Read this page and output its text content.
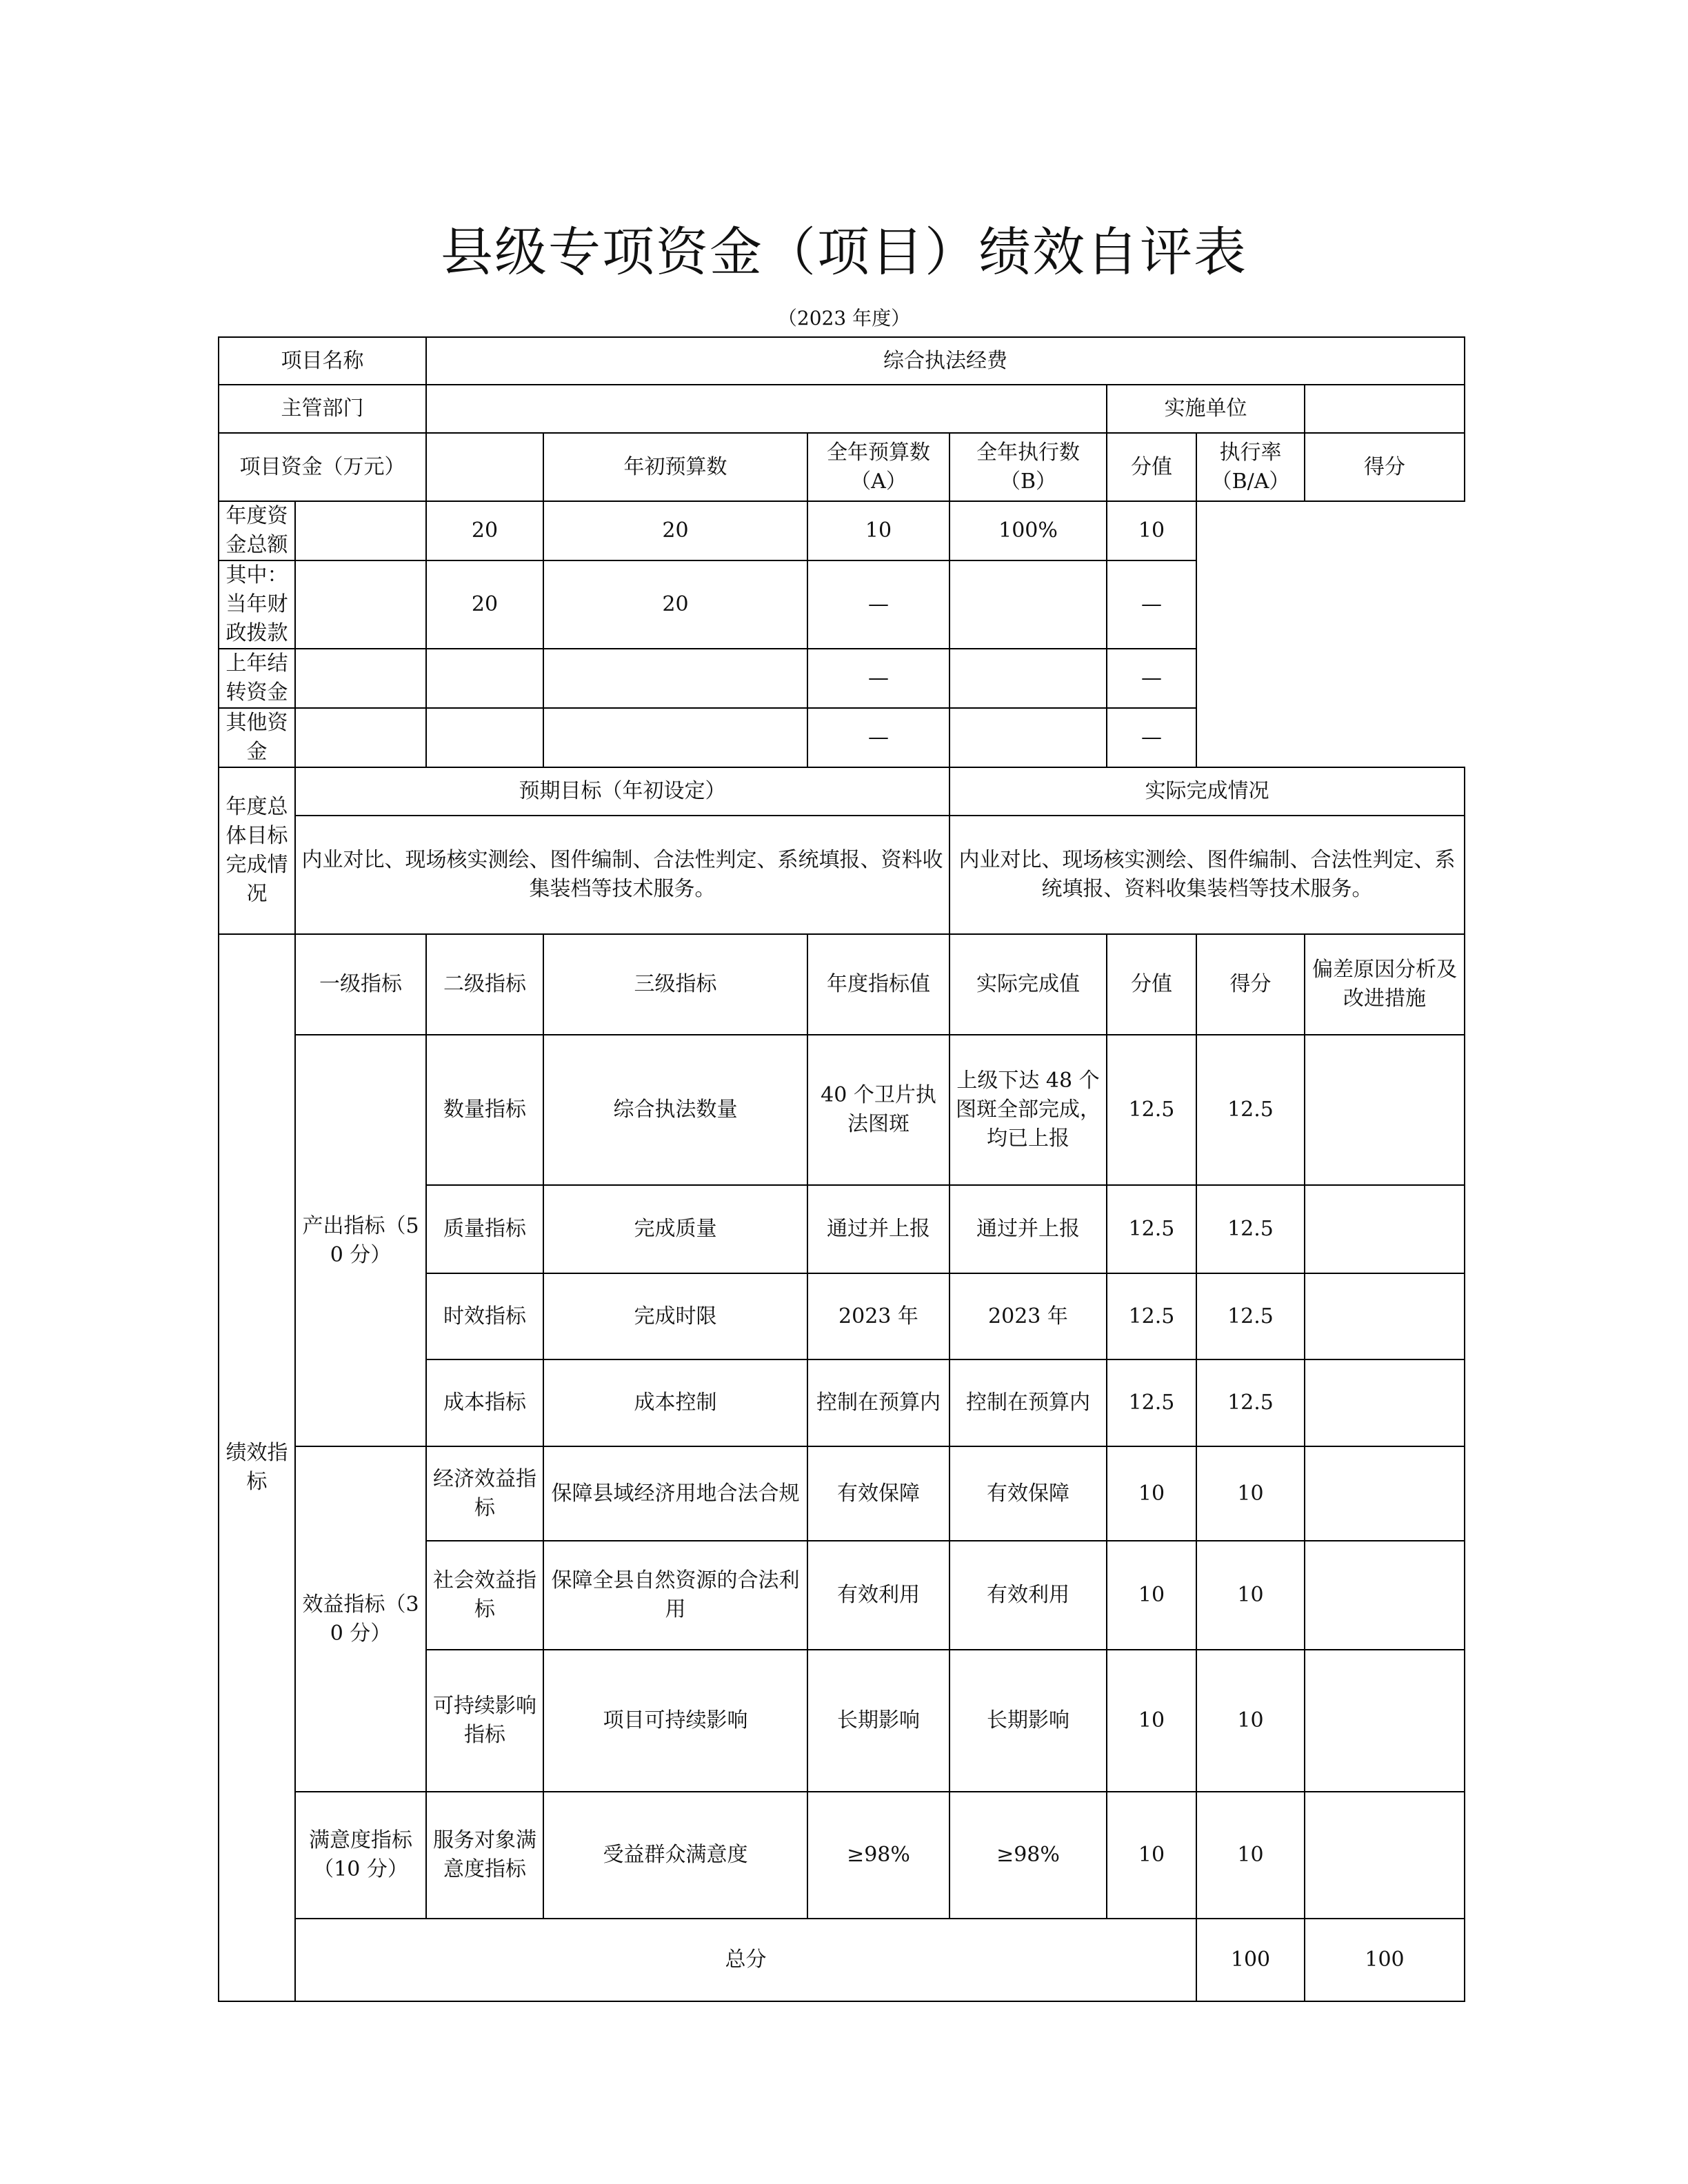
县级专项资金（项目）绩效自评表
（2023 年度）
项目名称		综合执法经费							
主管部门						实施单位			
项目资金（万元）			年初预算数	全年预算数（A）	全年执行数（B）	分值	执行率（B/A）	得分	
年度资金总额		20	20	10	100%	10			
其中：当年财政拨款		20	20	—		—			
上年结转资金				—		—			
其他资金				—		—			
年度总体目标完成情况	预期目标（年初设定）				实际完成情况				
	内业对比、现场核实测绘、图件编制、合法性判定、系统填报、资料收集装档等技术服务。				内业对比、现场核实测绘、图件编制、合法性判定、系统填报、资料收集装档等技术服务。				
绩效指标	一级指标	二级指标	三级指标	年度指标值	实际完成值	分值	得分	偏差原因分析及改进措施	
	产出指标（50 分）	数量指标	综合执法数量	40 个卫片执法图斑	上级下达 48 个图斑全部完成，均已上报	12.5	12.5		
		质量指标	完成质量	通过并上报	通过并上报	12.5	12.5		
		时效指标	完成时限	2023 年	2023 年	12.5	12.5		
		成本指标	成本控制	控制在预算内	控制在预算内	12.5	12.5		
	效益指标（30 分）	经济效益指标	保障县域经济用地合法合规	有效保障	有效保障	10	10		
		社会效益指标	保障全县自然资源的合法利用	有效利用	有效利用	10	10		
		可持续影响指标	项目可持续影响	长期影响	长期影响	10	10		
	满意度指标（10 分）	服务对象满意度指标	受益群众满意度	≥98%	≥98%	10	10		
	总分						100	100	
